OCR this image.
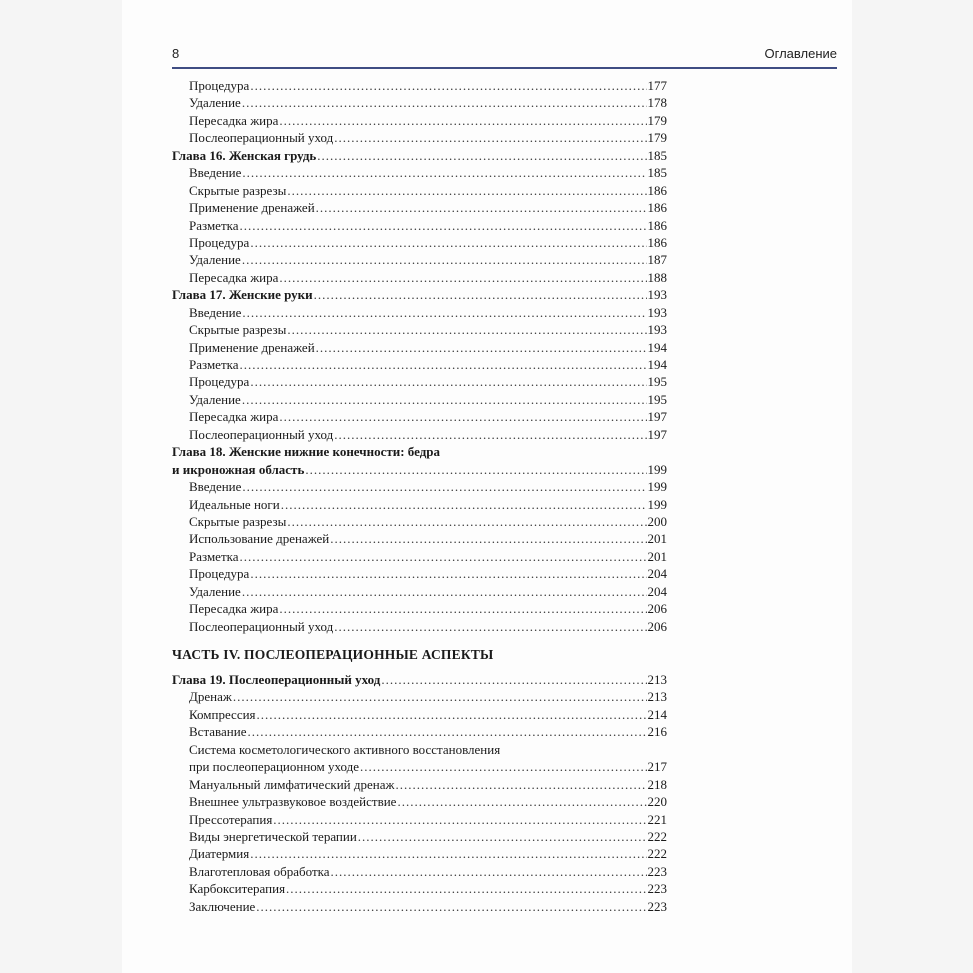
8	Оглавление
Процедура .....	177
Удаление .....	178
Пересадка жира .....	179
Послеоперационный уход .....	179
Глава 16. Женская грудь .....	185
Введение .....	185
Скрытые разрезы .....	186
Применение дренажей .....	186
Разметка .....	186
Процедура .....	186
Удаление .....	187
Пересадка жира .....	188
Глава 17. Женские руки .....	193
Введение .....	193
Скрытые разрезы .....	193
Применение дренажей .....	194
Разметка .....	194
Процедура .....	195
Удаление .....	195
Пересадка жира .....	197
Послеоперационный уход .....	197
Глава 18. Женские нижние конечности: бедра
и икроножная область .....	199
Введение .....	199
Идеальные ноги .....	199
Скрытые разрезы .....	200
Использование дренажей .....	201
Разметка .....	201
Процедура .....	204
Удаление .....	204
Пересадка жира .....	206
Послеоперационный уход .....	206
ЧАСТЬ IV. ПОСЛЕОПЕРАЦИОННЫЕ АСПЕКТЫ
Глава 19. Послеоперационный уход .....	213
Дренаж .....	213
Компрессия .....	214
Вставание .....	216
Система косметологического активного восстановления
при послеоперационном уходе .....	217
Мануальный лимфатический дренаж .....	218
Внешнее ультразвуковое воздействие .....	220
Прессотерапия .....	221
Виды энергетической терапии .....	222
Диатермия .....	222
Влаготепловая обработка .....	223
Карбокситерапия .....	223
Заключение .....	223
